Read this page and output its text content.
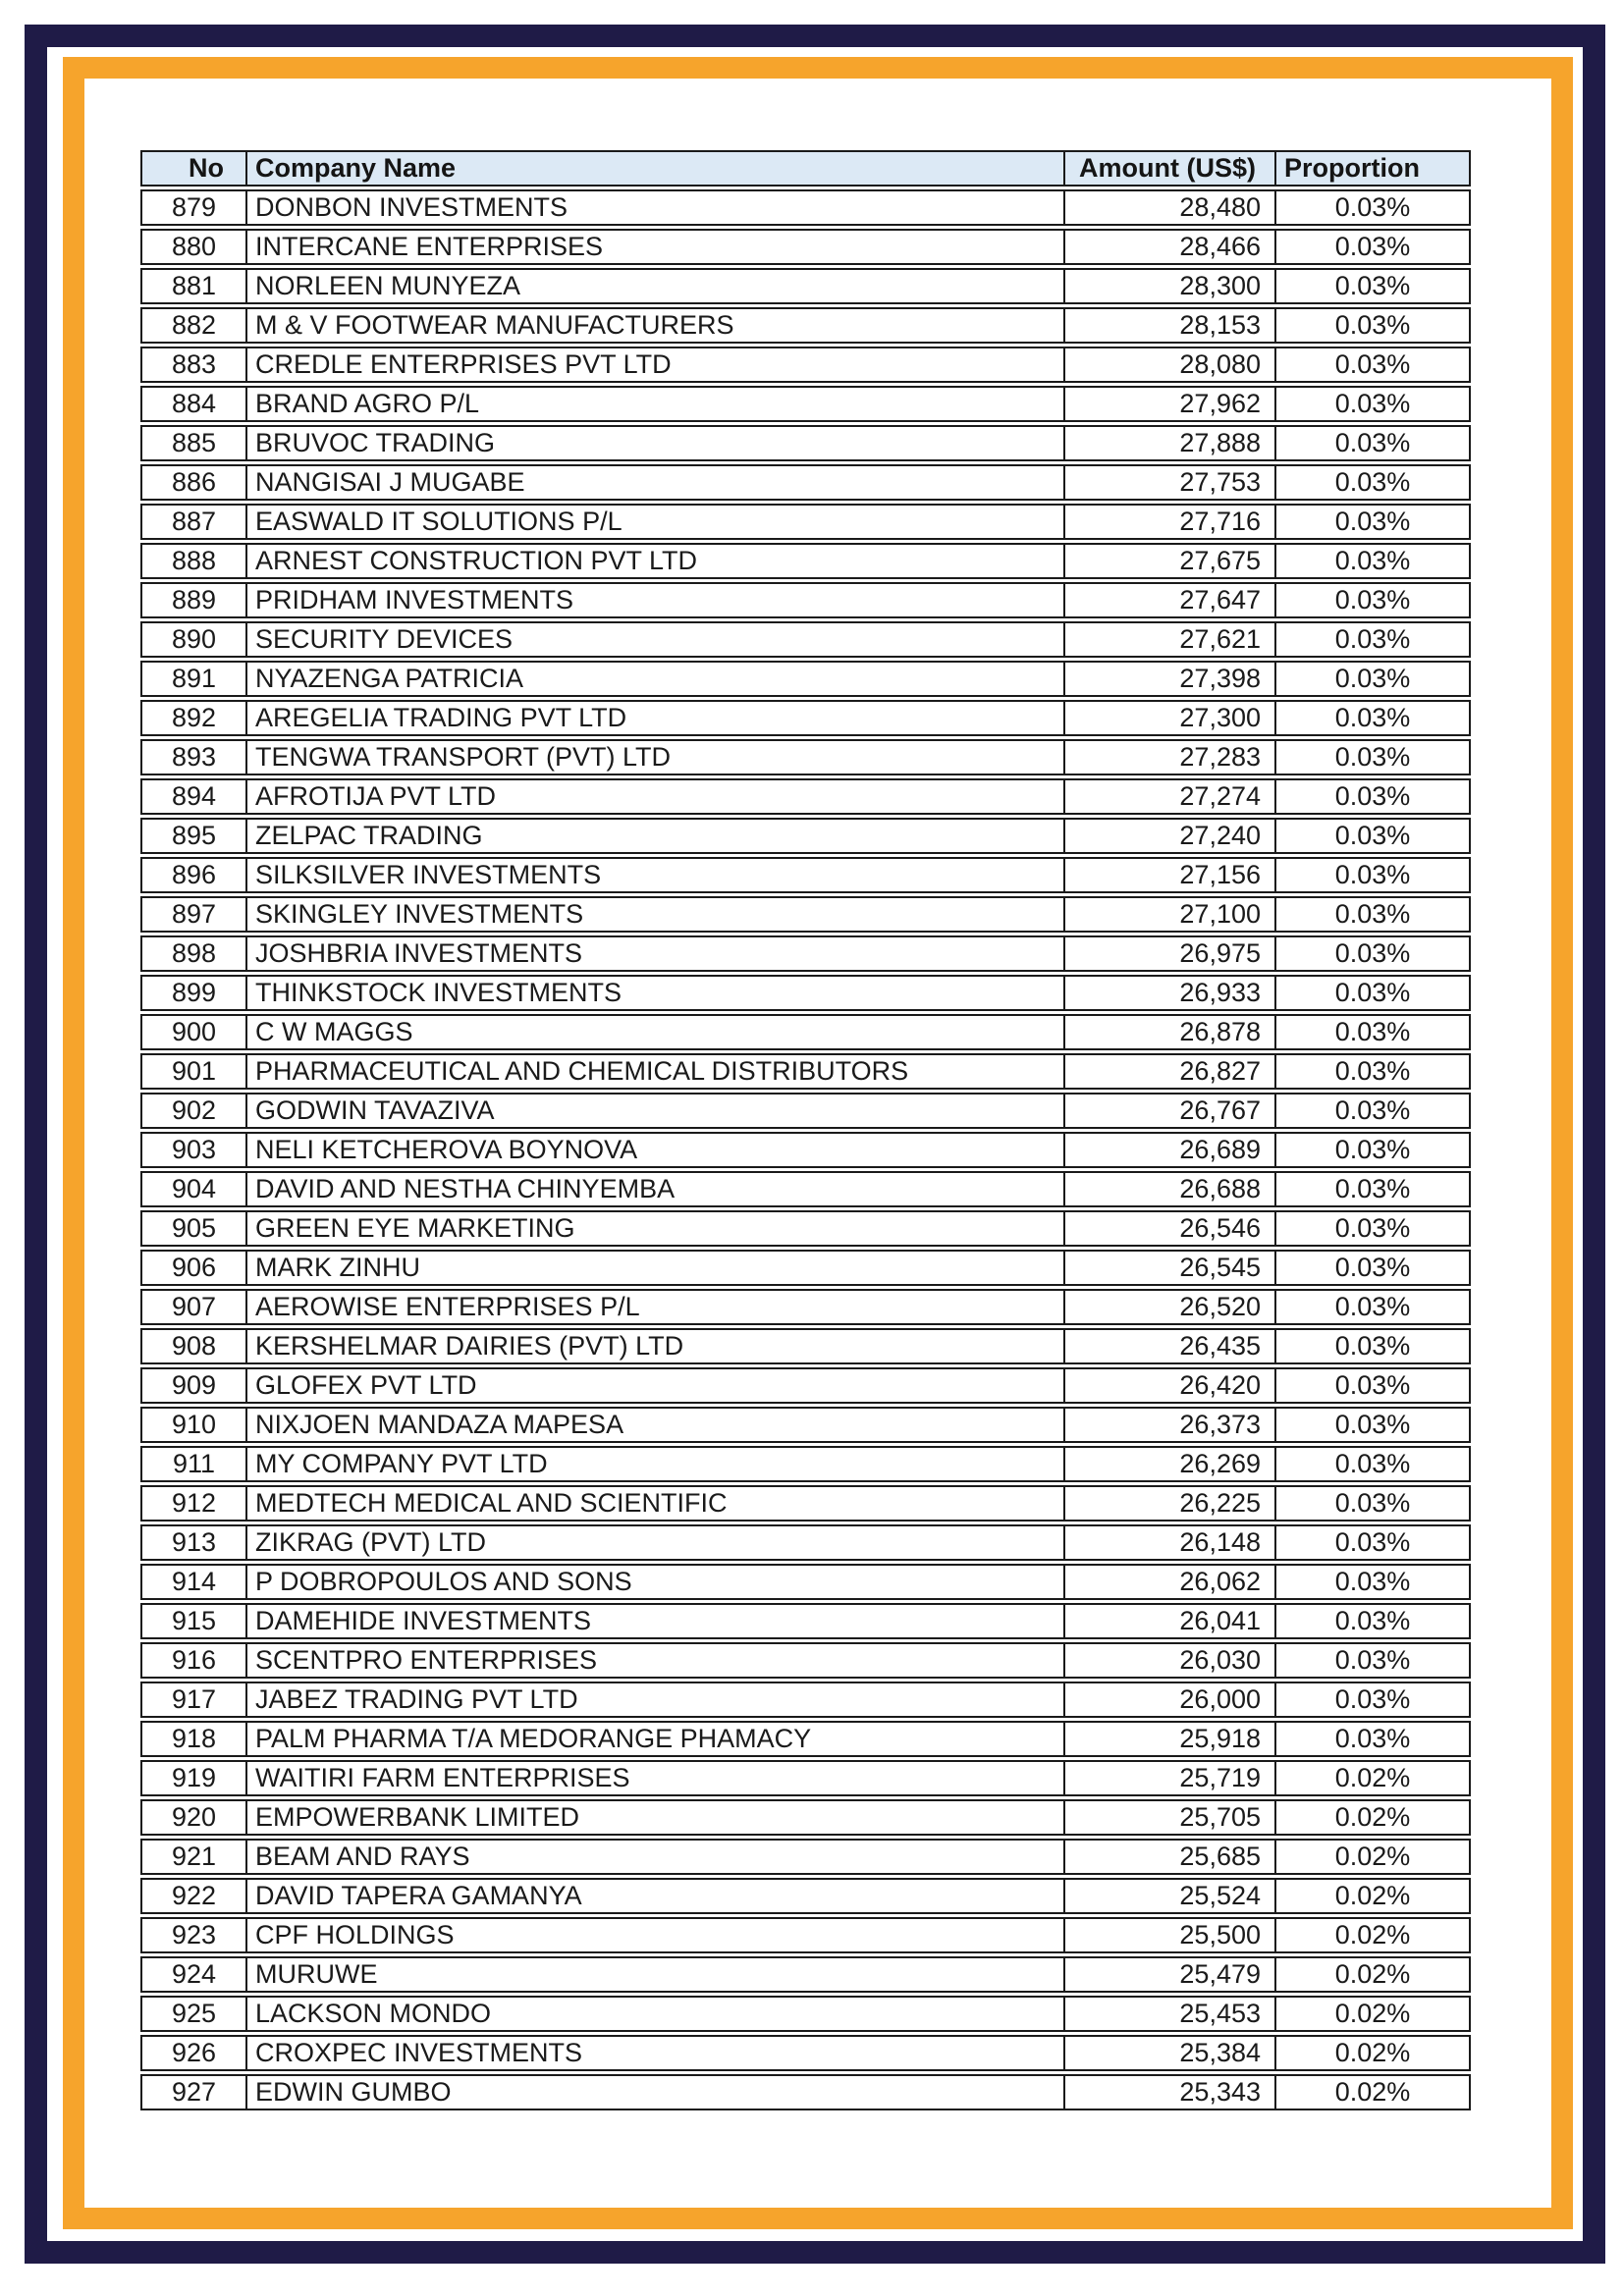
No	Company Name	Amount (US$)	Proportion
879	DONBON INVESTMENTS	28,480	0.03%
880	INTERCANE ENTERPRISES	28,466	0.03%
881	NORLEEN MUNYEZA	28,300	0.03%
882	M & V FOOTWEAR MANUFACTURERS	28,153	0.03%
883	CREDLE ENTERPRISES PVT LTD	28,080	0.03%
884	BRAND AGRO P/L	27,962	0.03%
885	BRUVOC TRADING	27,888	0.03%
886	NANGISAI J MUGABE	27,753	0.03%
887	EASWALD IT SOLUTIONS P/L	27,716	0.03%
888	ARNEST CONSTRUCTION PVT LTD	27,675	0.03%
889	PRIDHAM INVESTMENTS	27,647	0.03%
890	SECURITY DEVICES	27,621	0.03%
891	NYAZENGA PATRICIA	27,398	0.03%
892	AREGELIA TRADING PVT LTD	27,300	0.03%
893	TENGWA TRANSPORT (PVT) LTD	27,283	0.03%
894	AFROTIJA PVT LTD	27,274	0.03%
895	ZELPAC TRADING	27,240	0.03%
896	SILKSILVER INVESTMENTS	27,156	0.03%
897	SKINGLEY INVESTMENTS	27,100	0.03%
898	JOSHBRIA INVESTMENTS	26,975	0.03%
899	THINKSTOCK INVESTMENTS	26,933	0.03%
900	C W MAGGS	26,878	0.03%
901	PHARMACEUTICAL AND CHEMICAL DISTRIBUTORS	26,827	0.03%
902	GODWIN TAVAZIVA	26,767	0.03%
903	NELI KETCHEROVA BOYNOVA	26,689	0.03%
904	DAVID AND NESTHA CHINYEMBA	26,688	0.03%
905	GREEN EYE MARKETING	26,546	0.03%
906	MARK ZINHU	26,545	0.03%
907	AEROWISE ENTERPRISES P/L	26,520	0.03%
908	KERSHELMAR DAIRIES (PVT) LTD	26,435	0.03%
909	GLOFEX PVT LTD	26,420	0.03%
910	NIXJOEN MANDAZA MAPESA	26,373	0.03%
911	MY COMPANY PVT LTD	26,269	0.03%
912	MEDTECH MEDICAL AND SCIENTIFIC	26,225	0.03%
913	ZIKRAG (PVT) LTD	26,148	0.03%
914	P DOBROPOULOS AND SONS	26,062	0.03%
915	DAMEHIDE INVESTMENTS	26,041	0.03%
916	SCENTPRO ENTERPRISES	26,030	0.03%
917	JABEZ TRADING PVT LTD	26,000	0.03%
918	PALM PHARMA T/A MEDORANGE PHAMACY	25,918	0.03%
919	WAITIRI FARM ENTERPRISES	25,719	0.02%
920	EMPOWERBANK LIMITED	25,705	0.02%
921	BEAM AND RAYS	25,685	0.02%
922	DAVID TAPERA GAMANYA	25,524	0.02%
923	CPF HOLDINGS	25,500	0.02%
924	MURUWE	25,479	0.02%
925	LACKSON MONDO	25,453	0.02%
926	CROXPEC INVESTMENTS	25,384	0.02%
927	EDWIN GUMBO	25,343	0.02%
